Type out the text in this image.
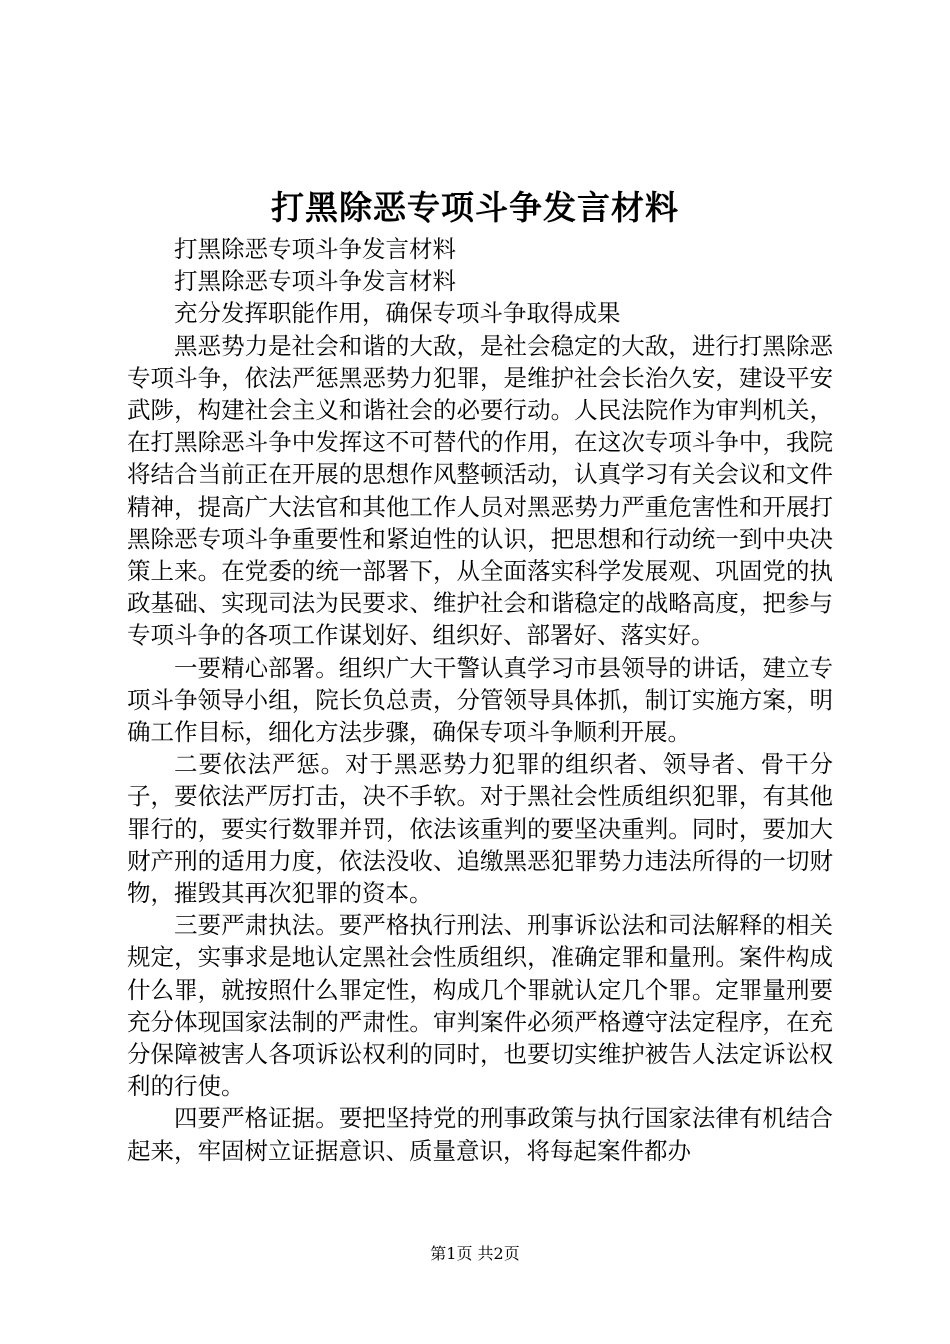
打黑除恶专项斗争发言材料

打黑除恶专项斗争发言材料

打黑除恶专项斗争发言材料

充分发挥职能作用，确保专项斗争取得成果

黑恶势力是社会和谐的大敌，是社会稳定的大敌，进行打黑除恶专项斗争，依法严惩黑恶势力犯罪，是维护社会长治久安，建设平安武陟，构建社会主义和谐社会的必要行动。人民法院作为审判机关，在打黑除恶斗争中发挥这不可替代的作用，在这次专项斗争中，我院将结合当前正在开展的思想作风整顿活动，认真学习有关会议和文件精神，提高广大法官和其他工作人员对黑恶势力严重危害性和开展打黑除恶专项斗争重要性和紧迫性的认识，把思想和行动统一到中央决策上来。在党委的统一部署下，从全面落实科学发展观、巩固党的执政基础、实现司法为民要求、维护社会和谐稳定的战略高度，把参与专项斗争的各项工作谋划好、组织好、部署好、落实好。

一要精心部署。组织广大干警认真学习市县领导的讲话，建立专项斗争领导小组，院长负总责，分管领导具体抓，制订实施方案，明确工作目标，细化方法步骤，确保专项斗争顺利开展。

二要依法严惩。对于黑恶势力犯罪的组织者、领导者、骨干分子，要依法严厉打击，决不手软。对于黑社会性质组织犯罪，有其他罪行的，要实行数罪并罚，依法该重判的要坚决重判。同时，要加大财产刑的适用力度，依法没收、追缴黑恶犯罪势力违法所得的一切财物，摧毁其再次犯罪的资本。

三要严肃执法。要严格执行刑法、刑事诉讼法和司法解释的相关规定，实事求是地认定黑社会性质组织，准确定罪和量刑。案件构成什么罪，就按照什么罪定性，构成几个罪就认定几个罪。定罪量刑要充分体现国家法制的严肃性。审判案件必须严格遵守法定程序，在充分保障被害人各项诉讼权利的同时，也要切实维护被告人法定诉讼权利的行使。

四要严格证据。要把坚持党的刑事政策与执行国家法律有机结合起来，牢固树立证据意识、质量意识，将每起案件都办

第1页 共2页
